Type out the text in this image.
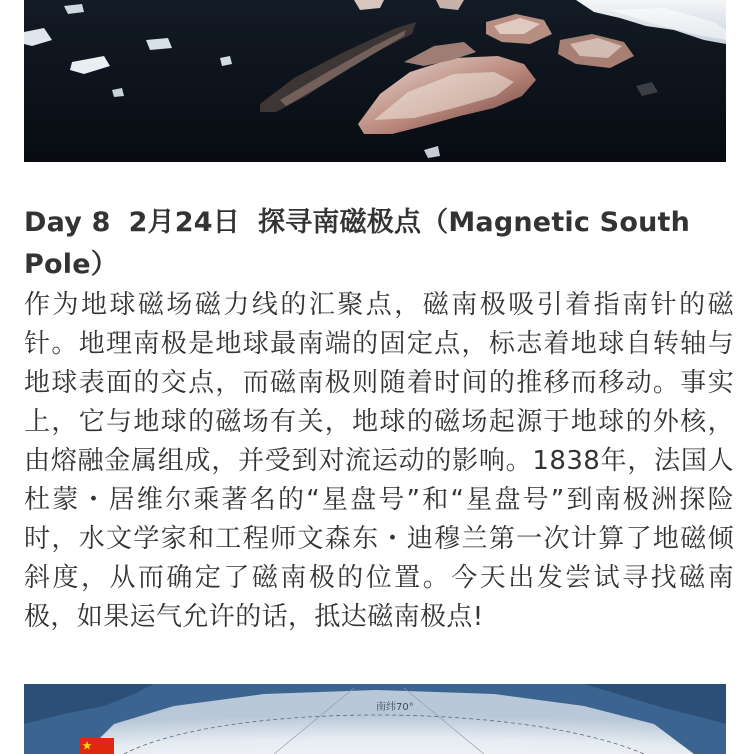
Day 8 2月24日 探寻南磁极点（Magnetic South Pole）

作为地球磁场磁力线的汇聚点，磁南极吸引着指南针的磁针。地理南极是地球最南端的固定点，标志着地球自转轴与地球表面的交点，而磁南极则随着时间的推移而移动。事实上，它与地球的磁场有关，地球的磁场起源于地球的外核，由熔融金属组成，并受到对流运动的影响。1838年，法国人杜蒙・居维尔乘著名的“星盘号”和“星盘号”到南极洲探险时，水文学家和工程师文森东・迪穆兰第一次计算了地磁倾斜度，从而确定了磁南极的位置。今天出发尝试寻找磁南极，如果运气允许的话，抵达磁南极点!

南纬70°
